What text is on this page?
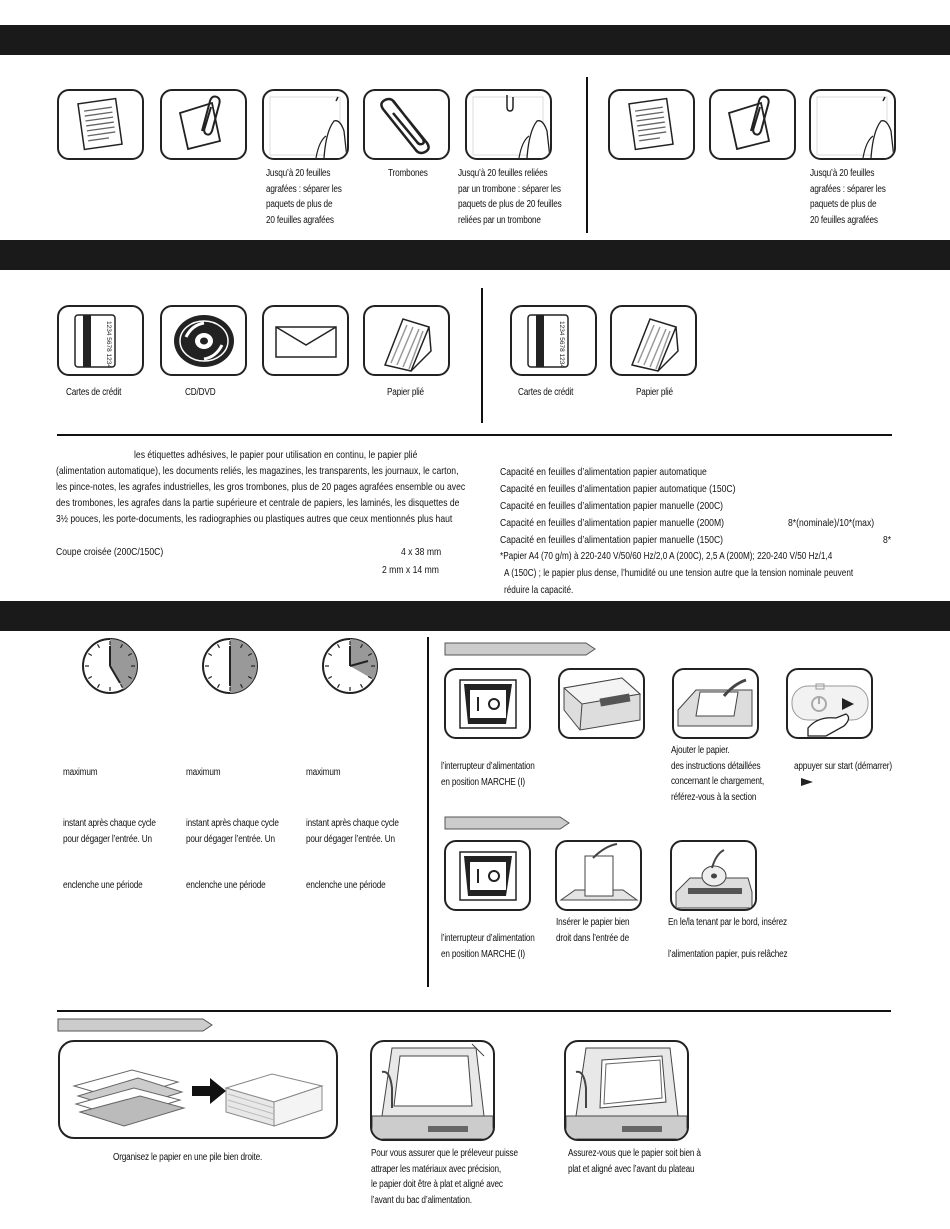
Jusqu’à 20 feuilles
agrafées : séparer les
paquets de plus de
20 feuilles agrafées
Trombones	Jusqu’à 20 feuilles reliées
par un trombone : séparer les
paquets de plus de 20 feuilles
reliées par un trombone
Jusqu’à 20 feuilles
agrafées : séparer les
paquets de plus de
20 feuilles agrafées
1234 5678 1234	1234 5678 1234
Cartes de crédit	CD/DVD	Papier plié	Cartes de crédit	Papier plié
les étiquettes adhésives, le papier pour utilisation en continu, le papier plié
(alimentation automatique), les documents reliés, les magazines, les transparents, les journaux, le carton,
les pince-notes, les agrafes industrielles, les gros trombones, plus de 20 pages agrafées ensemble ou avec
des trombones, les agrafes dans la partie supérieure et centrale de papiers, les laminés, les disquettes de
3½ pouces, les porte-documents, les radiographies ou plastiques autres que ceux mentionnés plus haut
Coupe croisée (200C/150C)	4 x 38 mm
2 mm x 14 mm
Capacité en feuilles d’alimentation papier automatique
Capacité en feuilles d’alimentation papier automatique (150C)
Capacité en feuilles d’alimentation papier manuelle (200C)
Capacité en feuilles d’alimentation papier manuelle (200M)	8*(nominale)/10*(max)
Capacité en feuilles d’alimentation papier manuelle (150C)	8*
*Papier A4 (70 g/m) à 220-240 V/50/60 Hz/2,0 A (200C), 2,5 A (200M); 220-240 V/50 Hz/1,4
A (150C) ; le papier plus dense, l’humidité ou une tension autre que la tension nominale peuvent
réduire la capacité.
maximum	maximum	maximum
instant après chaque cycle
pour dégager l’entrée. Un
instant après chaque cycle
pour dégager l’entrée. Un
instant après chaque cycle
pour dégager l’entrée. Un
enclenche une période	enclenche une période	enclenche une période
l’interrupteur d’alimentation
en position MARCHE (I)
Ajouter le papier.
des instructions détaillées
concernant le chargement,
référez-vous à la section
appuyer sur start (démarrer)
l’interrupteur d’alimentation
en position MARCHE (I)
Insérer le papier bien
droit dans l’entrée de
En le/la tenant par le bord, insérez
l’alimentation papier, puis relâchez
Organisez le papier en une pile bien droite.	Pour vous assurer que le préleveur puisse
attraper les matériaux avec précision,
le papier doit être à plat et aligné avec
l’avant du bac d’alimentation.
Assurez-vous que le papier soit bien à
plat et aligné avec l’avant du plateau
